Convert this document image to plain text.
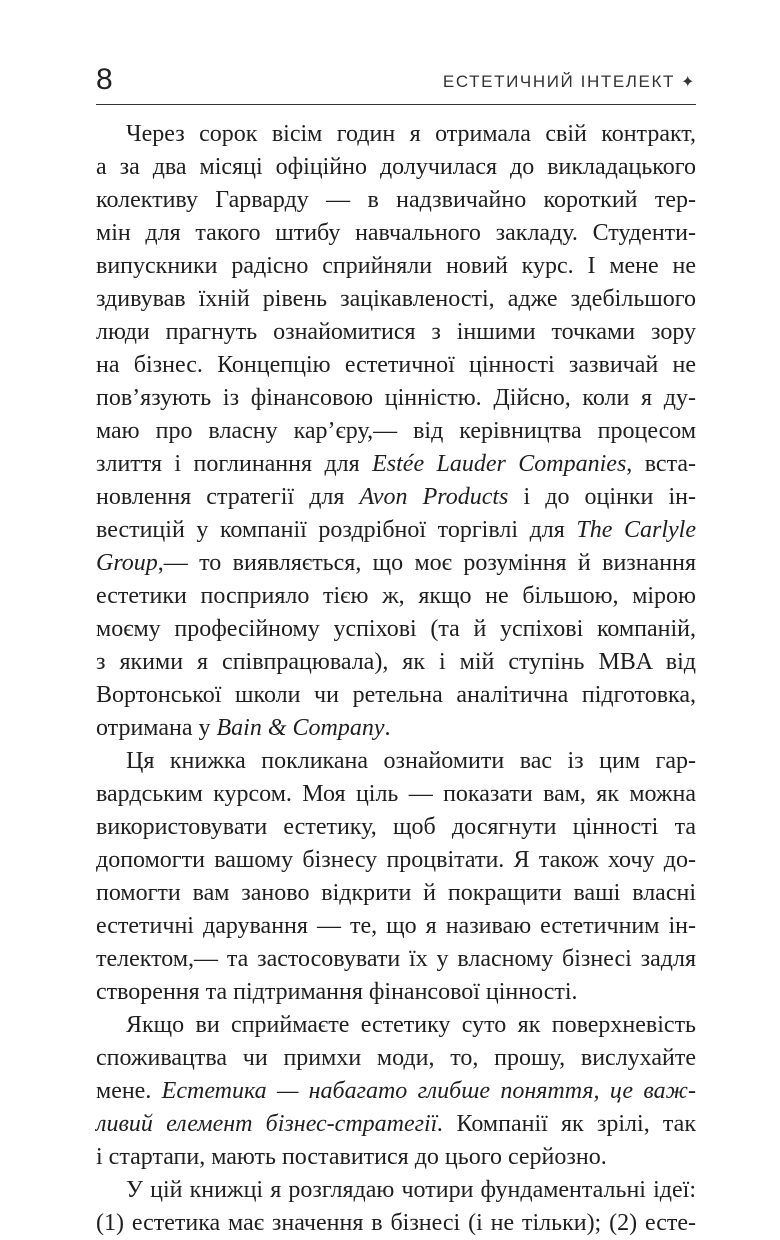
8	ЕСТЕТИЧНИЙ ІНТЕЛЕКТ ✦
Через сорок вісім годин я отримала свій контракт,
а за два місяці офіційно долучилася до викладацького
колективу Гарварду — в надзвичайно короткий тер-
мін для такого штибу навчального закладу. Студенти-
випускники радісно сприйняли новий курс. І мене не
здивував їхній рівень зацікавленості, адже здебільшого
люди прагнуть ознайомитися з іншими точками зору
на бізнес. Концепцію естетичної цінності зазвичай не
пов’язують із фінансовою цінністю. Дійсно, коли я ду-
маю про власну кар’єру,— від керівництва процесом
злиття і поглинання для Estée Lauder Companies, вста-
новлення стратегії для Avon Products і до оцінки ін-
вестицій у компанії роздрібної торгівлі для The Carlyle
Group,— то виявляється, що моє розуміння й визнання
естетики посприяло тією ж, якщо не більшою, мірою
моєму професійному успіхові (та й успіхові компаній,
з якими я співпрацювала), як і мій ступінь MBA від
Вортонської школи чи ретельна аналітична підготовка,
отримана у Bain & Company.
Ця книжка покликана ознайомити вас із цим гар-
вардським курсом. Моя ціль — показати вам, як можна
використовувати естетику, щоб досягнути цінності та
допомогти вашому бізнесу процвітати. Я також хочу до-
помогти вам заново відкрити й покращити ваші власні
естетичні дарування — те, що я називаю естетичним ін-
телектом,— та застосовувати їх у власному бізнесі задля
створення та підтримання фінансової цінності.
Якщо ви сприймаєте естетику суто як поверхневість
споживацтва чи примхи моди, то, прошу, вислухайте
мене. Естетика — набагато глибше поняття, це важ-
ливий елемент бізнес-стратегії. Компанії як зрілі, так
і стартапи, мають поставитися до цього серйозно.
У цій книжці я розглядаю чотири фундаментальні ідеї:
(1) естетика має значення в бізнесі (і не тільки); (2) есте-
